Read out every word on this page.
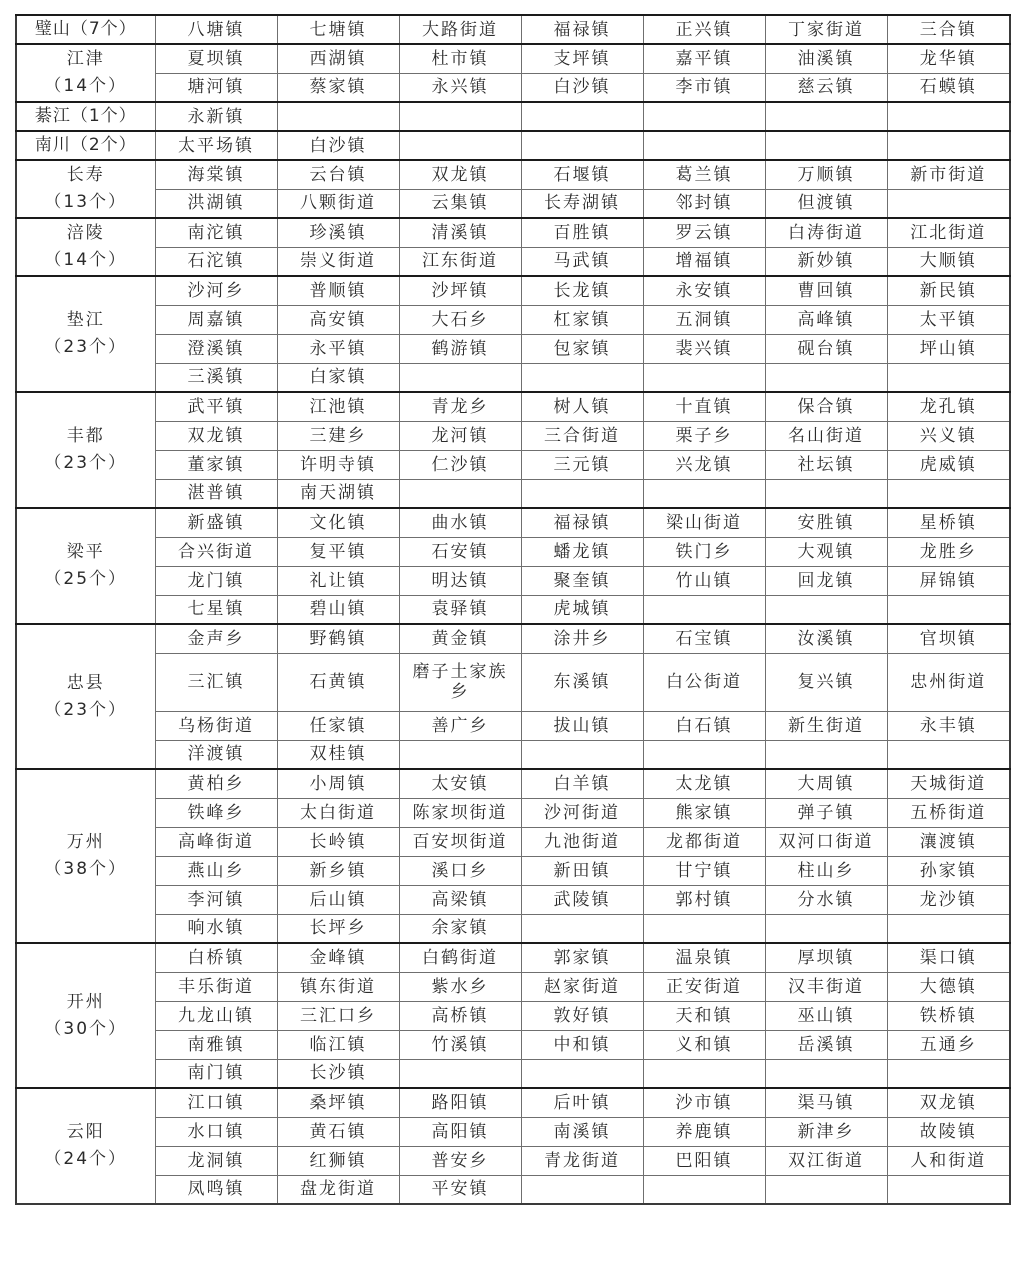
璧山（7个）	八塘镇	七塘镇	大路街道	福禄镇	正兴镇	丁家街道	三合镇
江津
（14个）	夏坝镇	西湖镇	杜市镇	支坪镇	嘉平镇	油溪镇	龙华镇
	塘河镇	蔡家镇	永兴镇	白沙镇	李市镇	慈云镇	石蟆镇
綦江（1个）	永新镇						
南川（2个）	太平场镇	白沙镇					
长寿
（13个）	海棠镇	云台镇	双龙镇	石堰镇	葛兰镇	万顺镇	新市街道
	洪湖镇	八颗街道	云集镇	长寿湖镇	邻封镇	但渡镇	
涪陵
（14个）	南沱镇	珍溪镇	清溪镇	百胜镇	罗云镇	白涛街道	江北街道
	石沱镇	崇义街道	江东街道	马武镇	增福镇	新妙镇	大顺镇
垫江
（23个）	沙河乡	普顺镇	沙坪镇	长龙镇	永安镇	曹回镇	新民镇
	周嘉镇	高安镇	大石乡	杠家镇	五洞镇	高峰镇	太平镇
	澄溪镇	永平镇	鹤游镇	包家镇	裴兴镇	砚台镇	坪山镇
	三溪镇	白家镇					
丰都
（23个）	武平镇	江池镇	青龙乡	树人镇	十直镇	保合镇	龙孔镇
	双龙镇	三建乡	龙河镇	三合街道	栗子乡	名山街道	兴义镇
	董家镇	许明寺镇	仁沙镇	三元镇	兴龙镇	社坛镇	虎威镇
	湛普镇	南天湖镇					
梁平
（25个）	新盛镇	文化镇	曲水镇	福禄镇	梁山街道	安胜镇	星桥镇
	合兴街道	复平镇	石安镇	蟠龙镇	铁门乡	大观镇	龙胜乡
	龙门镇	礼让镇	明达镇	聚奎镇	竹山镇	回龙镇	屏锦镇
	七星镇	碧山镇	袁驿镇	虎城镇			
忠县
（23个）	金声乡	野鹤镇	黄金镇	涂井乡	石宝镇	汝溪镇	官坝镇
	三汇镇	石黄镇	磨子土家族乡	东溪镇	白公街道	复兴镇	忠州街道
	乌杨街道	任家镇	善广乡	拔山镇	白石镇	新生街道	永丰镇
	洋渡镇	双桂镇					
万州
（38个）	黄柏乡	小周镇	太安镇	白羊镇	太龙镇	大周镇	天城街道
	铁峰乡	太白街道	陈家坝街道	沙河街道	熊家镇	弹子镇	五桥街道
	高峰街道	长岭镇	百安坝街道	九池街道	龙都街道	双河口街道	瀼渡镇
	燕山乡	新乡镇	溪口乡	新田镇	甘宁镇	柱山乡	孙家镇
	李河镇	后山镇	高梁镇	武陵镇	郭村镇	分水镇	龙沙镇
	响水镇	长坪乡	余家镇				
开州
（30个）	白桥镇	金峰镇	白鹤街道	郭家镇	温泉镇	厚坝镇	渠口镇
	丰乐街道	镇东街道	紫水乡	赵家街道	正安街道	汉丰街道	大德镇
	九龙山镇	三汇口乡	高桥镇	敦好镇	天和镇	巫山镇	铁桥镇
	南雅镇	临江镇	竹溪镇	中和镇	义和镇	岳溪镇	五通乡
	南门镇	长沙镇					
云阳
（24个）	江口镇	桑坪镇	路阳镇	后叶镇	沙市镇	渠马镇	双龙镇
	水口镇	黄石镇	高阳镇	南溪镇	养鹿镇	新津乡	故陵镇
	龙洞镇	红狮镇	普安乡	青龙街道	巴阳镇	双江街道	人和街道
	凤鸣镇	盘龙街道	平安镇				
